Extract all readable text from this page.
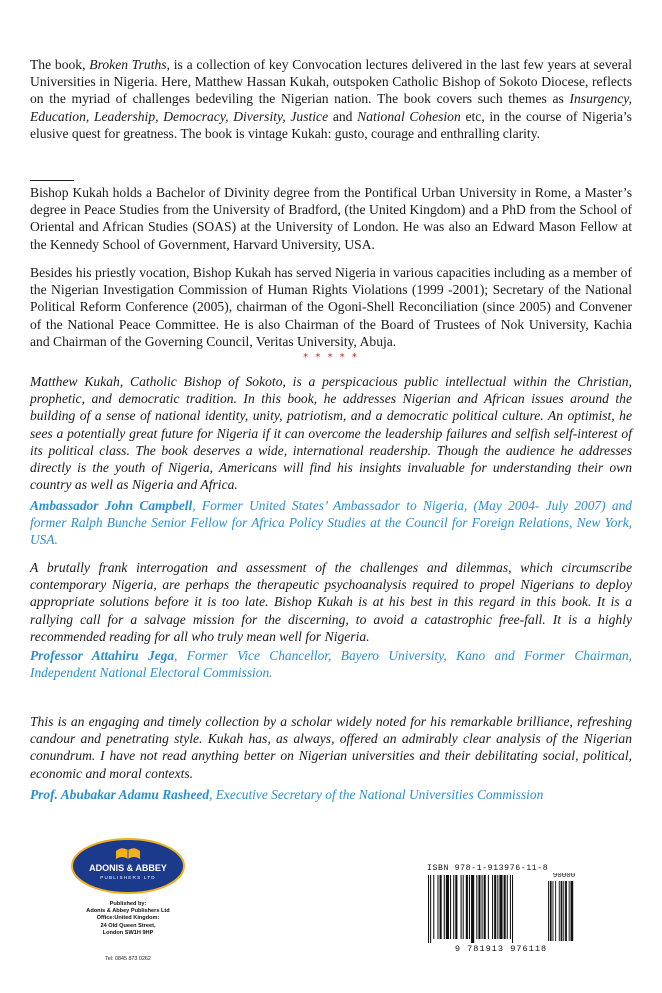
The book, Broken Truths, is a collection of key Convocation lectures delivered in the last few years at several Universities in Nigeria. Here, Matthew Hassan Kukah, outspoken Catholic Bishop of Sokoto Diocese, reflects on the myriad of challenges bedeviling the Nigerian nation. The book covers such themes as Insurgency, Education, Leadership, Democracy, Diversity, Justice and National Cohesion etc, in the course of Nigeria’s elusive quest for greatness. The book is vintage Kukah: gusto, courage and enthralling clarity.

Bishop Kukah holds a Bachelor of Divinity degree from the Pontifical Urban University in Rome, a Master’s degree in Peace Studies from the University of Bradford, (the United Kingdom) and a PhD from the School of Oriental and African Studies (SOAS) at the University of London. He was also an Edward Mason Fellow at the Kennedy School of Government, Harvard University, USA.

Besides his priestly vocation, Bishop Kukah has served Nigeria in various capacities including as a member of the Nigerian Investigation Commission of Human Rights Violations (1999 -2001); Secretary of the National Political Reform Conference (2005), chairman of the Ogoni-Shell Reconciliation (since 2005) and Convener of the National Peace Committee. He is also Chairman of the Board of Trustees of Nok University, Kachia and Chairman of the Governing Council, Veritas University, Abuja.

* * * * *

Matthew Kukah, Catholic Bishop of Sokoto, is a perspicacious public intellectual within the Christian, prophetic, and democratic tradition. In this book, he addresses Nigerian and African issues around the building of a sense of national identity, unity, patriotism, and a democratic political culture. An optimist, he sees a potentially great future for Nigeria if it can overcome the leadership failures and selfish self-interest of its political class. The book deserves a wide, international readership. Though the audience he addresses directly is the youth of Nigeria, Americans will find his insights invaluable for understanding their own country as well as Nigeria and Africa.

Ambassador John Campbell, Former United States’ Ambassador to Nigeria, (May 2004- July 2007) and former Ralph Bunche Senior Fellow for Africa Policy Studies at the Council for Foreign Relations, New York, USA.

A brutally frank interrogation and assessment of the challenges and dilemmas, which circumscribe contemporary Nigeria, are perhaps the therapeutic psychoanalysis required to propel Nigerians to deploy appropriate solutions before it is too late. Bishop Kukah is at his best in this regard in this book. It is a rallying call for a salvage mission for the discerning, to avoid a catastrophic free-fall. It is a highly recommended reading for all who truly mean well for Nigeria.

Professor Attahiru Jega, Former Vice Chancellor, Bayero University, Kano and Former Chairman, Independent National Electoral Commission.

This is an engaging and timely collection by a scholar widely noted for his remarkable brilliance, refreshing candour and penetrating style. Kukah has, as always, offered an admirably clear analysis of the Nigerian conundrum. I have not read anything better on Nigerian universities and their debilitating social, political, economic and moral contexts.

Prof. Abubakar Adamu Rasheed, Executive Secretary of the National Universities Commission

ADONIS & ABBEY
PUBLISHERS LTD
Published by:
Adonis & Abbey Publishers Ltd
Office:United Kingdom:
24 Old Queen Street,
London SW1H 9HP
Tel: 0845 873 0262
ISBN 978-1-913976-11-8
90000
9 781913 976118
